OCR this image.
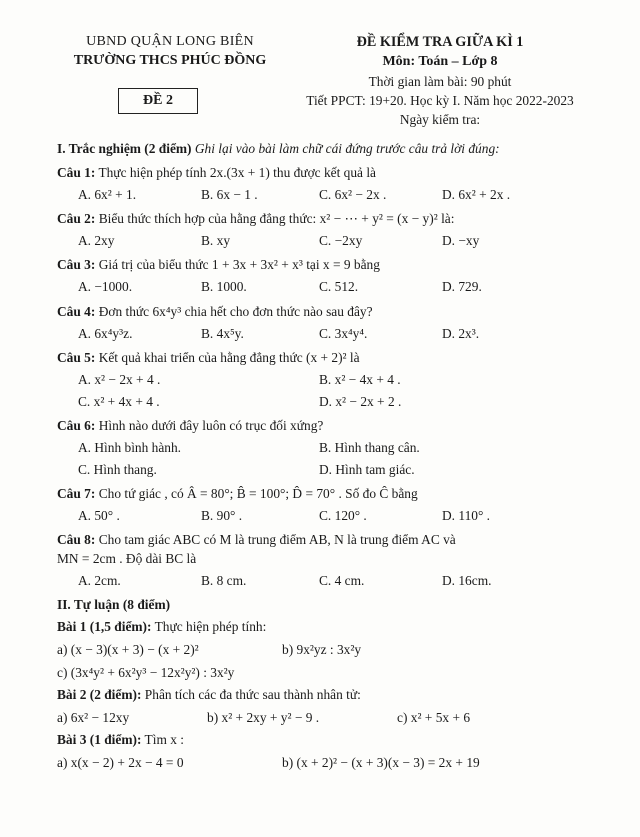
UBND QUẬN LONG BIÊN
TRƯỜNG THCS PHÚC ĐỒNG
ĐỀ 2
ĐỀ KIỂM TRA GIỮA KÌ 1
Môn: Toán – Lớp 8
Thời gian làm bài: 90 phút
Tiết PPCT: 19+20. Học kỳ I. Năm học 2022-2023
Ngày kiểm tra:
I. Trắc nghiệm (2 điểm) Ghi lại vào bài làm chữ cái đứng trước câu trả lời đúng:
Câu 1: Thực hiện phép tính 2x.(3x + 1) thu được kết quả là
A. 6x² + 1.	B. 6x − 1 .	C. 6x² − 2x .	D. 6x² + 2x .
Câu 2: Biểu thức thích hợp của hằng đẳng thức: x² − ⋯ + y² = (x − y)² là:
A. 2xy	B. xy	C. −2xy	D. −xy
Câu 3: Giá trị của biểu thức 1 + 3x + 3x² + x³ tại x = 9 bằng
A. −1000.	B. 1000.	C. 512.	D. 729.
Câu 4: Đơn thức 6x⁴y³ chia hết cho đơn thức nào sau đây?
A. 6x⁴y³z.	B. 4x⁵y.	C. 3x⁴y⁴.	D. 2x³.
Câu 5: Kết quả khai triển của hằng đẳng thức (x + 2)² là
A. x² − 2x + 4 .	B. x² − 4x + 4 .
C. x² + 4x + 4 .	D. x² − 2x + 2 .
Câu 6: Hình nào dưới đây luôn có trục đối xứng?
A. Hình bình hành.	B. Hình thang cân.
C. Hình thang.	D. Hình tam giác.
Câu 7: Cho tứ giác , có Â = 80°; B̂ = 100°; D̂ = 70° . Số đo Ĉ bằng
A. 50° .	B. 90° .	C. 120° .	D. 110° .
Câu 8: Cho tam giác ABC có M là trung điểm AB, N là trung điểm AC và
MN = 2cm . Độ dài BC là
A. 2cm.	B. 8 cm.	C. 4 cm.	D. 16cm.
II. Tự luận (8 điểm)
Bài 1 (1,5 điểm): Thực hiện phép tính:
a) (x − 3)(x + 3) − (x + 2)²	b) 9x²yz : 3x²y
c) (3x⁴y² + 6x²y³ − 12x²y²) : 3x²y
Bài 2 (2 điểm): Phân tích các đa thức sau thành nhân tử:
a) 6x² − 12xy	b) x² + 2xy + y² − 9 .	c) x² + 5x + 6
Bài 3 (1 điểm): Tìm x :
a) x(x − 2) + 2x − 4 = 0	b) (x + 2)² − (x + 3)(x − 3) = 2x + 19
